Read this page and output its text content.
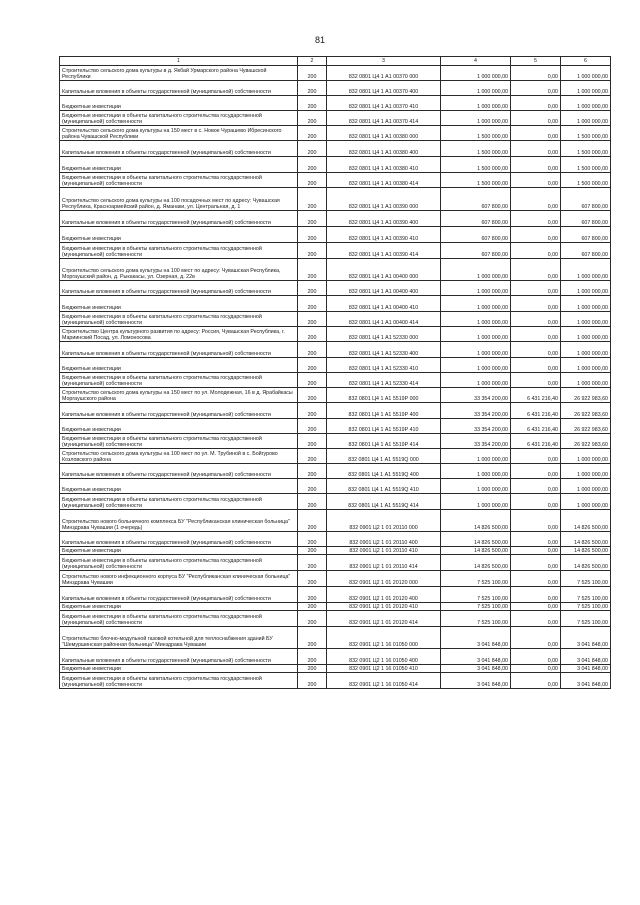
81
1	2	3	4	5	6
Строительство сельского дома культуры в д. Якбай Урмарского района Чувашской Республики	200	832 0801 Ц4 1 А1 00370 000	1 000 000,00	0,00	1 000 000,00
Капитальные вложения в объекты государственной (муниципальной) собственности	200	832 0801 Ц4 1 А1 00370 400	1 000 000,00	0,00	1 000 000,00
Бюджетные инвестиции	200	832 0801 Ц4 1 А1 00370 410	1 000 000,00	0,00	1 000 000,00
Бюджетные инвестиции в объекты капитального строительства государственной (муниципальной) собственности	200	832 0801 Ц4 1 А1 00370 414	1 000 000,00	0,00	1 000 000,00
Строительство сельского дома культуры на 150 мест в с. Новое Чурашево Ибресинского района Чувашской Республики	200	832 0801 Ц4 1 А1 00380 000	1 500 000,00	0,00	1 500 000,00
Капитальные вложения в объекты государственной (муниципальной) собственности	200	832 0801 Ц4 1 А1 00380 400	1 500 000,00	0,00	1 500 000,00
Бюджетные инвестиции	200	832 0801 Ц4 1 А1 00380 410	1 500 000,00	0,00	1 500 000,00
Бюджетные инвестиции в объекты капитального строительства государственной (муниципальной) собственности	200	832 0801 Ц4 1 А1 00380 414	1 500 000,00	0,00	1 500 000,00
Строительство сельского дома культуры на 100 посадочных мест по адресу: Чувашская Республика, Красноармейский район, д. Яманаки, ул. Центральная, д. 1	200	832 0801 Ц4 1 А1 00390 000	607 800,00	0,00	607 800,00
Капитальные вложения в объекты государственной (муниципальной) собственности	200	832 0801 Ц4 1 А1 00390 400	607 800,00	0,00	607 800,00
Бюджетные инвестиции	200	832 0801 Ц4 1 А1 00390 410	607 800,00	0,00	607 800,00
Бюджетные инвестиции в объекты капитального строительства государственной (муниципальной) собственности	200	832 0801 Ц4 1 А1 00390 414	607 800,00	0,00	607 800,00
Строительство сельского дома культуры на 100 мест по адресу: Чувашская Республика, Моргаушский район, д. Рыкакасы, ул. Озерная, д. 22в	200	832 0801 Ц4 1 А1 00400 000	1 000 000,00	0,00	1 000 000,00
Капитальные вложения в объекты государственной (муниципальной) собственности	200	832 0801 Ц4 1 А1 00400 400	1 000 000,00	0,00	1 000 000,00
Бюджетные инвестиции	200	832 0801 Ц4 1 А1 00400 410	1 000 000,00	0,00	1 000 000,00
Бюджетные инвестиции в объекты капитального строительства государственной (муниципальной) собственности	200	832 0801 Ц4 1 А1 00400 414	1 000 000,00	0,00	1 000 000,00
Строительство Центра культурного развития по адресу: Россия, Чувашская Республика, г. Мариинский Посад, ул. Ломоносова	200	832 0801 Ц4 1 А1 52330 000	1 000 000,00	0,00	1 000 000,00
Капитальные вложения в объекты государственной (муниципальной) собственности	200	832 0801 Ц4 1 А1 52330 400	1 000 000,00	0,00	1 000 000,00
Бюджетные инвестиции	200	832 0801 Ц4 1 А1 52330 410	1 000 000,00	0,00	1 000 000,00
Бюджетные инвестиции в объекты капитального строительства государственной (муниципальной) собственности	200	832 0801 Ц4 1 А1 52330 414	1 000 000,00	0,00	1 000 000,00
Строительство сельского дома культуры на 150 мест по ул. Молодежная, 16 в д. Ярабайкасы Моргаушского района	200	832 0801 Ц4 1 А1 5519Р 000	33 354 200,00	6 431 216,40	26 922 983,60
Капитальные вложения в объекты государственной (муниципальной) собственности	200	832 0801 Ц4 1 А1 5519Р 400	33 354 200,00	6 431 216,40	26 922 983,60
Бюджетные инвестиции	200	832 0801 Ц4 1 А1 5519Р 410	33 354 200,00	6 431 216,40	26 922 983,60
Бюджетные инвестиции в объекты капитального строительства государственной (муниципальной) собственности	200	832 0801 Ц4 1 А1 5519Р 414	33 354 200,00	6 431 216,40	26 922 983,60
Строительство сельского дома культуры на 100 мест по ул. М. Трубиной в с. Бойгурово Козловского района	200	832 0801 Ц4 1 А1 5519Q 000	1 000 000,00	0,00	1 000 000,00
Капитальные вложения в объекты государственной (муниципальной) собственности	200	832 0801 Ц4 1 А1 5519Q 400	1 000 000,00	0,00	1 000 000,00
Бюджетные инвестиции	200	832 0801 Ц4 1 А1 5519Q 410	1 000 000,00	0,00	1 000 000,00
Бюджетные инвестиции в объекты капитального строительства государственной (муниципальной) собственности	200	832 0801 Ц4 1 А1 5519Q 414	1 000 000,00	0,00	1 000 000,00
Строительство нового больничного комплекса БУ "Республиканская клиническая больница" Минздрава Чувашии (1 очередь)	200	832 0901 Ц2 1 01 20110 000	14 826 500,00	0,00	14 826 500,00
Капитальные вложения в объекты государственной (муниципальной) собственности	200	832 0901 Ц2 1 01 20110 400	14 826 500,00	0,00	14 826 500,00
Бюджетные инвестиции	200	832 0901 Ц2 1 01 20110 410	14 826 500,00	0,00	14 826 500,00
Бюджетные инвестиции в объекты капитального строительства государственной (муниципальной) собственности	200	832 0901 Ц2 1 01 20110 414	14 826 500,00	0,00	14 826 500,00
Строительство нового инфекционного корпуса БУ "Республиканская клиническая больница" Минздрава Чувашии	200	832 0901 Ц2 1 01 20120 000	7 525 100,00	0,00	7 525 100,00
Капитальные вложения в объекты государственной (муниципальной) собственности	200	832 0901 Ц2 1 01 20120 400	7 525 100,00	0,00	7 525 100,00
Бюджетные инвестиции	200	832 0901 Ц2 1 01 20120 410	7 525 100,00	0,00	7 525 100,00
Бюджетные инвестиции в объекты капитального строительства государственной (муниципальной) собственности	200	832 0901 Ц2 1 01 20120 414	7 525 100,00	0,00	7 525 100,00
Строительство блочно-модульной газовой котельной для теплоснабжения зданий БУ "Шемуршинская районная больница" Минздрава Чувашии	200	832 0901 Ц2 1 16 01050 000	3 041 848,00	0,00	3 041 848,00
Капитальные вложения в объекты государственной (муниципальной) собственности	200	832 0901 Ц2 1 16 01050 400	3 041 848,00	0,00	3 041 848,00
Бюджетные инвестиции	200	832 0901 Ц2 1 16 01050 410	3 041 848,00	0,00	3 041 848,00
Бюджетные инвестиции в объекты капитального строительства государственной (муниципальной) собственности	200	832 0901 Ц2 1 16 01050 414	3 041 848,00	0,00	3 041 848,00
